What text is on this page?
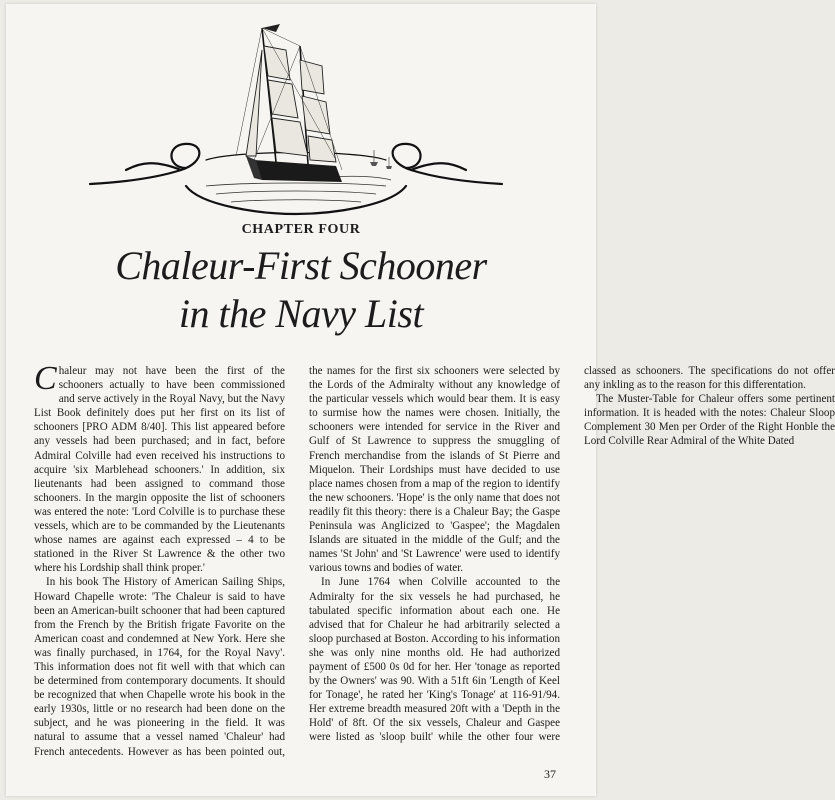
CHAPTER FOUR
Chaleur-First Schooner
in the Navy List

Chaleur may not have been the first of the schooners actually to have been commissioned and serve actively in the Royal Navy, but the Navy List Book definitely does put her first on its list of schooners [PRO ADM 8/40]. This list appeared before any vessels had been purchased; and in fact, before Admiral Colville had even received his instructions to acquire 'six Marblehead schooners.' In addition, six lieutenants had been assigned to command those schooners. In the margin opposite the list of schooners was entered the note: 'Lord Colville is to purchase these vessels, which are to be commanded by the Lieutenants whose names are against each expressed – 4 to be stationed in the River St Lawrence & the other two where his Lordship shall think proper.'

In his book The History of American Sailing Ships, Howard Chapelle wrote: 'The Chaleur is said to have been an American-built schooner that had been captured from the French by the British frigate Favorite on the American coast and condemned at New York. Here she was finally purchased, in 1764, for the Royal Navy'. This information does not fit well with that which can be determined from contemporary documents. It should be recognized that when Chapelle wrote his book in the early 1930s, little or no research had been done on the subject, and he was pioneering in the field. It was natural to assume that a vessel named 'Chaleur' had French antecedents. However as has been pointed out, the names for the first six schooners were selected by the Lords of the Admiralty without any knowledge of the particular vessels which would bear them. It is easy to surmise how the names were chosen. Initially, the schooners were intended for service in the River and Gulf of St Lawrence to suppress the smuggling of French merchandise from the islands of St Pierre and Miquelon. Their Lordships must have decided to use place names chosen from a map of the region to identify the new schooners. 'Hope' is the only name that does not readily fit this theory: there is a Chaleur Bay; the Gaspe Peninsula was Anglicized to 'Gaspee'; the Magdalen Islands are situated in the middle of the Gulf; and the names 'St John' and 'St Lawrence' were used to identify various towns and bodies of water.

In June 1764 when Colville accounted to the Admiralty for the six vessels he had purchased, he tabulated specific information about each one. He advised that for Chaleur he had arbitrarily selected a sloop purchased at Boston. According to his information she was only nine months old. He had authorized payment of £500 0s 0d for her. Her 'tonage as reported by the Owners' was 90. With a 51ft 6in 'Length of Keel for Tonage', he rated her 'King's Tonage' at 116-91/94. Her extreme breadth measured 20ft with a 'Depth in the Hold' of 8ft. Of the six vessels, Chaleur and Gaspee were listed as 'sloop built' while the other four were classed as schooners. The specifications do not offer any inkling as to the reason for this differentation.

The Muster-Table for Chaleur offers some pertinent information. It is headed with the notes: Chaleur Sloop Complement 30 Men per Order of the Right Honble the Lord Colville Rear Admiral of the White Dated

37
